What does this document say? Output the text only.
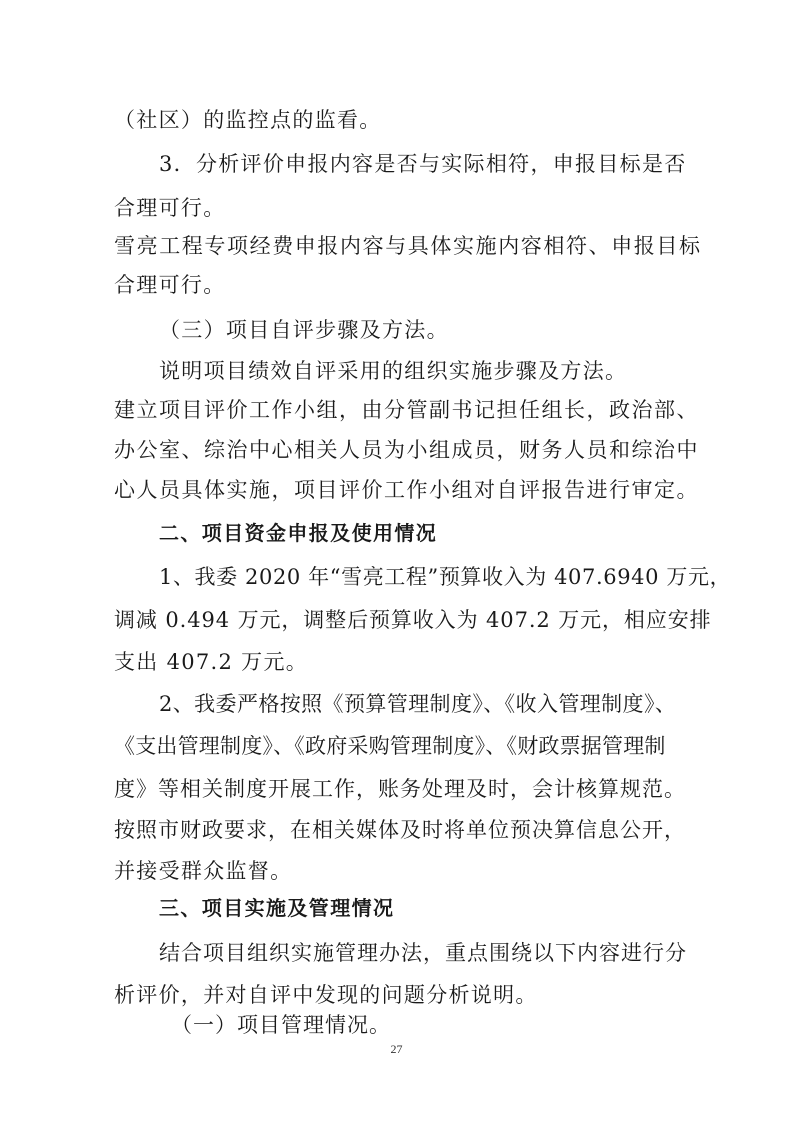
（社区）的监控点的监看。
3．分析评价申报内容是否与实际相符，申报目标是否
合理可行。
雪亮工程专项经费申报内容与具体实施内容相符、申报目标
合理可行。
（三）项目自评步骤及方法。
说明项目绩效自评采用的组织实施步骤及方法。
建立项目评价工作小组，由分管副书记担任组长，政治部、
办公室、综治中心相关人员为小组成员，财务人员和综治中
心人员具体实施，项目评价工作小组对自评报告进行审定。
二、项目资金申报及使用情况
1、我委 2020 年“雪亮工程”预算收入为 407.6940 万元，
调减 0.494 万元，调整后预算收入为 407.2 万元，相应安排
支出 407.2 万元。
2、我委严格按照《预算管理制度》、《收入管理制度》、
《支出管理制度》、《政府采购管理制度》、《财政票据管理制
度》等相关制度开展工作，账务处理及时，会计核算规范。
按照市财政要求，在相关媒体及时将单位预决算信息公开，
并接受群众监督。
三、项目实施及管理情况
结合项目组织实施管理办法，重点围绕以下内容进行分
析评价，并对自评中发现的问题分析说明。
（一）项目管理情况。
27
